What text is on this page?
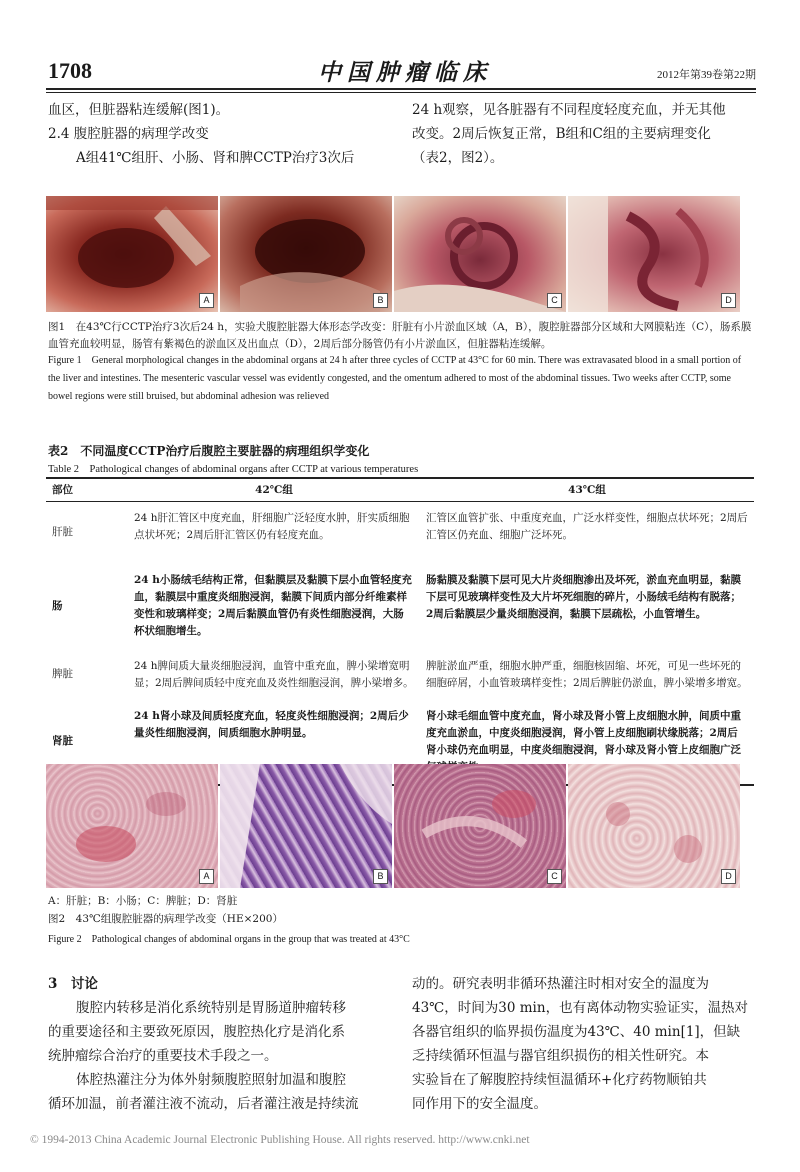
1708	中国肿瘤临床	2012年第39卷第22期

血区，但脏器粘连缓解(图1)。

2.4 腹腔脏器的病理学改变

A组41℃组肝、小肠、肾和脾CCTP治疗3次后

24 h观察，见各脏器有不同程度轻度充血，并无其他

改变。2周后恢复正常，B组和C组的主要病理变化

（表2，图2）。

A	B	C	D
图1　在43℃行CCTP治疗3次后24 h，实验犬腹腔脏器大体形态学改变：肝脏有小片淤血区域（A，B），腹腔脏器部分区域和大网膜粘连（C），肠系膜血管充血较明显，肠管有紫褐色的淤血区及出血点（D），2周后部分肠管仍有小片淤血区，但脏器粘连缓解。
Figure 1　General morphological changes in the abdominal organs at 24 h after three cycles of CCTP at 43°C for 60 min. There was extravasated blood in a small portion of the liver and intestines. The mesenteric vascular vessel was evidently congested, and the omentum adhered to most of the abdominal tissues. Two weeks after CCTP, some bowel regions were still bruised, but abdominal adhesion was relieved
表2　不同温度CCTP治疗后腹腔主要脏器的病理组织学变化
Table 2　Pathological changes of abdominal organs after CCTP at various temperatures
部位	42℃组	43℃组
肝脏	24 h肝汇管区中度充血，肝细胞广泛轻度水肿，肝实质细胞点状坏死；2周后肝汇管区仍有轻度充血。	汇管区血管扩张、中重度充血，广泛水样变性，细胞点状坏死；2周后汇管区仍充血、细胞广泛坏死。
肠	24 h小肠绒毛结构正常，但黏膜层及黏膜下层小血管轻度充血，黏膜层中重度炎细胞浸润，黏膜下间质内部分纤维素样变性和玻璃样变；2周后黏膜血管仍有炎性细胞浸润，大肠杯状细胞增生。	肠黏膜及黏膜下层可见大片炎细胞渗出及坏死，淤血充血明显，黏膜下层可见玻璃样变性及大片坏死细胞的碎片，小肠绒毛结构有脱落；2周后黏膜层少量炎细胞浸润，黏膜下层疏松，小血管增生。
脾脏	24 h脾间质大量炎细胞浸润，血管中重充血，脾小梁增宽明显；2周后脾间质轻中度充血及炎性细胞浸润，脾小梁增多。	脾脏淤血严重，细胞水肿严重，细胞核固缩、坏死，可见一些坏死的细胞碎屑，小血管玻璃样变性；2周后脾脏仍淤血，脾小梁增多增宽。
肾脏	24 h肾小球及间质轻度充血，轻度炎性细胞浸润；2周后少量炎性细胞浸润，间质细胞水肿明显。	肾小球毛细血管中度充血，肾小球及肾小管上皮细胞水肿，间质中重度充血淤血，中度炎细胞浸润，肾小管上皮细胞刷状缘脱落；2周后肾小球仍充血明显，中度炎细胞浸润，肾小球及肾小管上皮细胞广泛
A	B	C	D
A：肝脏；B：小肠；C：脾脏；D：肾脏
图2　43℃组腹腔脏器的病理学改变（HE×200）
Figure 2　Pathological changes of abdominal organs in the group that was treated at 43°C

3　讨论

腹腔内转移是消化系统特别是胃肠道肿瘤转移

的重要途径和主要致死原因，腹腔热化疗是消化系

统肿瘤综合治疗的重要技术手段之一。

体腔热灌注分为体外射频腹腔照射加温和腹腔

循环加温，前者灌注液不流动，后者灌注液是持续流

动的。研究表明非循环热灌注时相对安全的温度为

43℃，时间为30 min，也有离体动物实验证实，温热对

各器官组织的临界损伤温度为43℃、40 min[1]，但缺

乏持续循环恒温与器官组织损伤的相关性研究。本

实验旨在了解腹腔持续恒温循环+化疗药物顺铂共

同作用下的安全温度。

© 1994-2013 China Academic Journal Electronic Publishing House. All rights reserved. http://www.cnki.net
